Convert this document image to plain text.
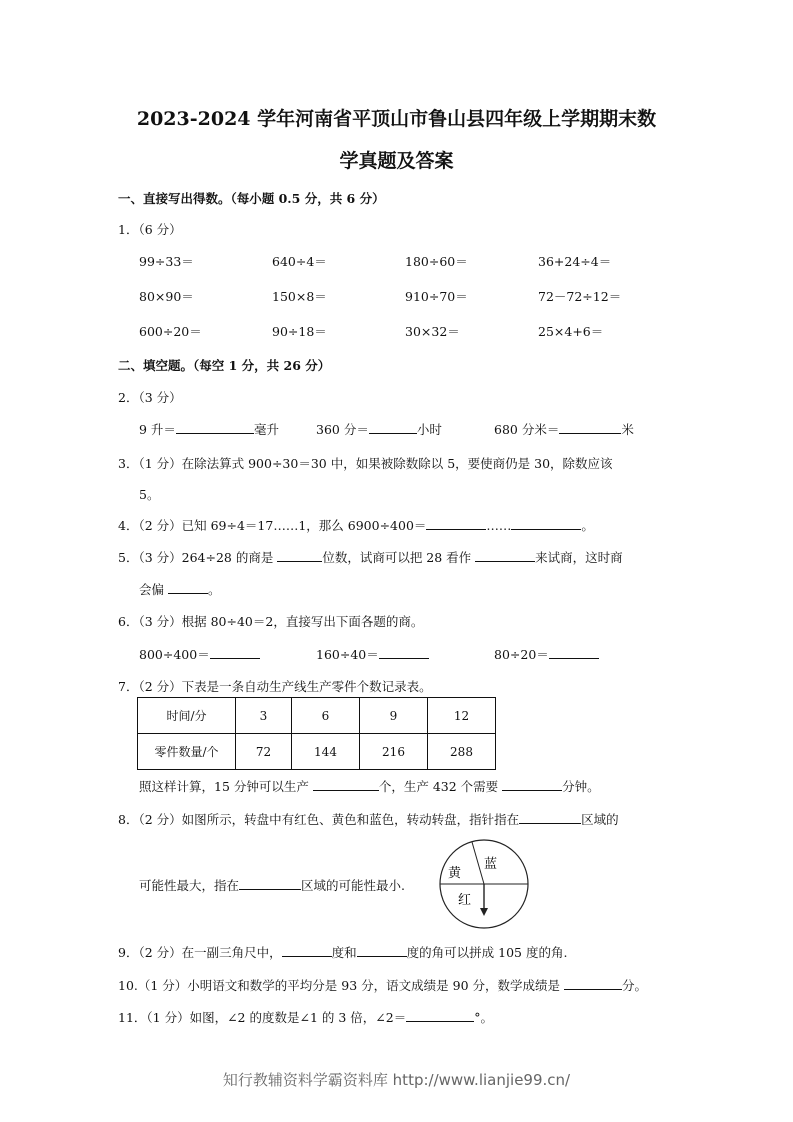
2023-2024 学年河南省平顶山市鲁山县四年级上学期期末数
学真题及答案
一、直接写出得数。（每小题 0.5 分，共 6 分）
1．（6 分）
99÷33＝	640÷4＝	180÷60＝	36+24÷4＝
80×90＝	150×8＝	910÷70＝	72－72÷12＝
600÷20＝	90÷18＝	30×32＝	25×4+6＝
二、填空题。（每空 1 分，共 26 分）
2．（3 分）
9 升＝	毫升	360 分＝	小时	680 分米＝	米
3．（1 分）在除法算式 900÷30＝30 中，如果被除数除以 5，要使商仍是 30，除数应该
5。
4．（2 分）已知 69÷4＝17……1，那么 6900÷400＝	……	。
5．（3 分）264÷28 的商是	位数，试商可以把 28 看作	来试商，这时商
会偏	。
6．（3 分）根据 80÷40＝2，直接写出下面各题的商。
800÷400＝	160÷40＝	80÷20＝
7．（2 分）下表是一条自动生产线生产零件个数记录表。
时间/分	3	6	9	12
零件数量/个	72	144	216	288
照这样计算，15 分钟可以生产	个，生产 432 个需要	分钟。
8．（2 分）如图所示，转盘中有红色、黄色和蓝色，转动转盘，指针指在	区域的
可能性最大，指在	区域的可能性最小.
黄
蓝
红
9．（2 分）在一副三角尺中，	度和	度的角可以拼成 105 度的角.
10.（1 分）小明语文和数学的平均分是 93 分，语文成绩是 90 分，数学成绩是	分。
11．（1 分）如图，∠2 的度数是∠1 的 3 倍，∠2＝	°。
知行教辅资料学霸资料库 http://www.lianjie99.cn/
